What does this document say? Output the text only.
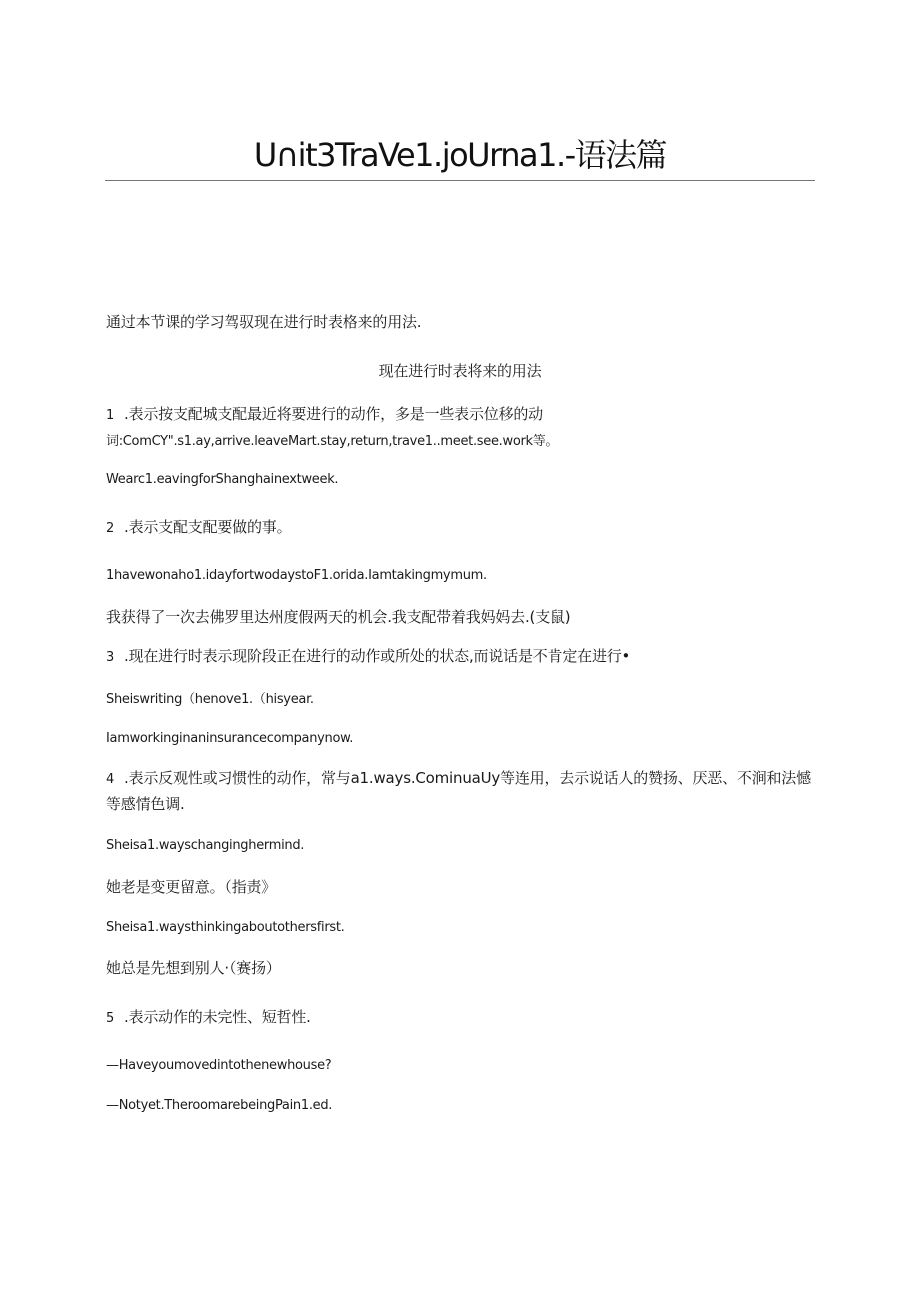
U∩it3TraVe1.joUrna1.-语法篇
通过本节课的学习驾驭现在进行时表格来的用法.
现在进行时表将来的用法
1 .表示按支配城支配最近将要进行的动作，多是一些表示位移的动
词:ComCY".s1.ay,arrive.leaveMart.stay,return,trave1..meet.see.work等。
Wearc1.eavingforShanghainextweek.
2 .表示支配支配要做的事。
1havewonaho1.idayfortwodaystoF1.orida.Iamtakingmymum.
我获得了一次去佛罗里达州度假两天的机会.我支配带着我妈妈去.(支鼠)
3 .现在进行时表示现阶段正在进行的动作或所处的状态,而说话是不肯定在进行•
Sheiswriting（henove1.（hisyear.
Iamworkinginaninsurancecompanynow.
4 .表示反观性或习惯性的动作，常与a1.ways.CominuaUy等连用，去示说话人的赞扬、厌恶、不涧和法憾等感情色调.
Sheisa1.wayschanginghermind.
她老是变更留意。（指责》
Sheisa1.waysthinkingaboutothersfirst.
她总是先想到别人·（赛扬）
5 .表示动作的未完性、短哲性.
—Haveyoumovedintothenewhouse?
—Notyet.TheroomarebeingPain1.ed.
